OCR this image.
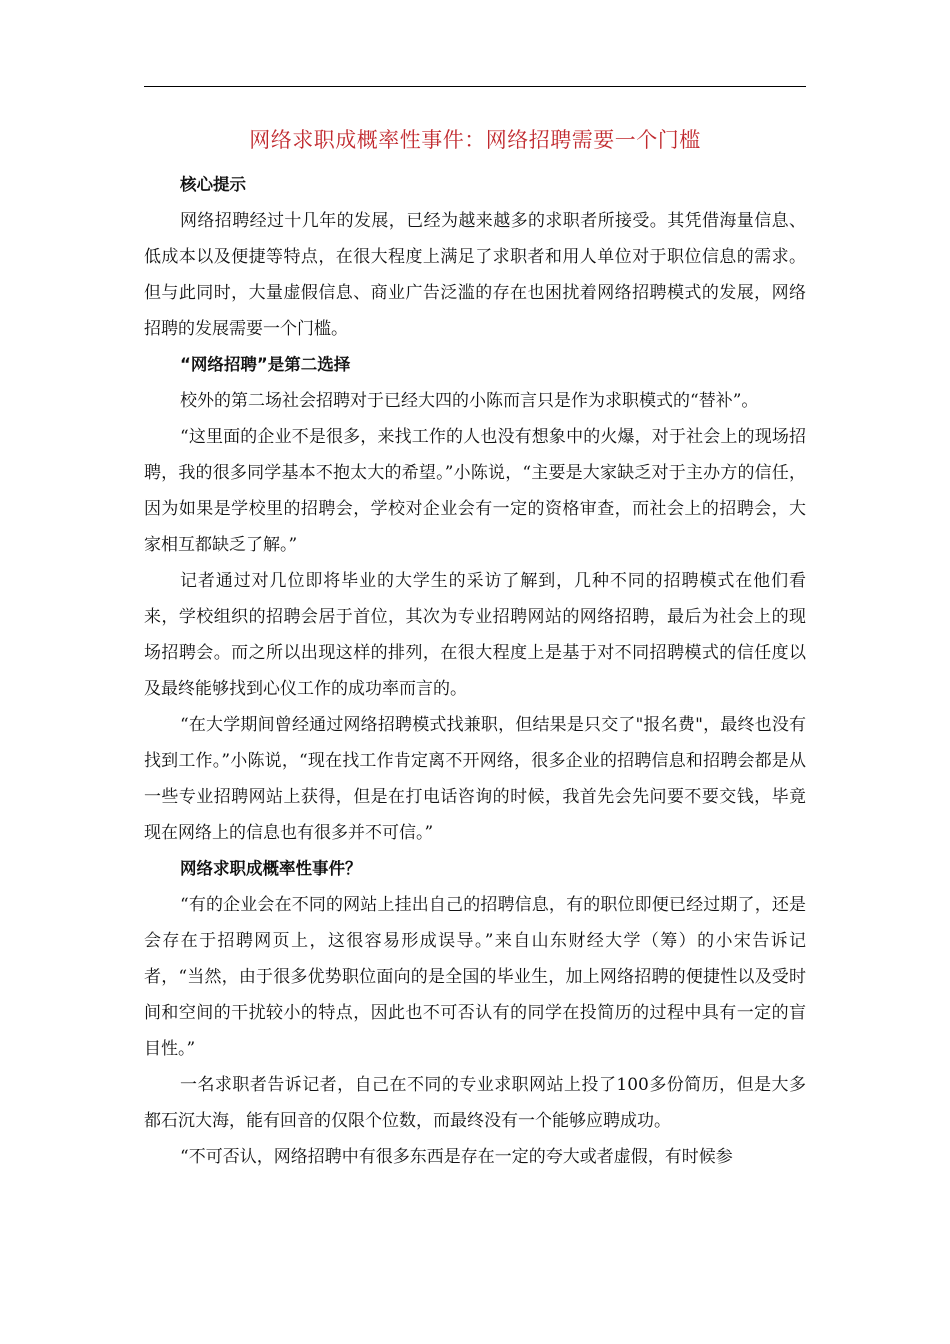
网络求职成概率性事件：网络招聘需要一个门槛

核心提示

网络招聘经过十几年的发展，已经为越来越多的求职者所接受。其凭借海量信息、低成本以及便捷等特点，在很大程度上满足了求职者和用人单位对于职位信息的需求。但与此同时，大量虚假信息、商业广告泛滥的存在也困扰着网络招聘模式的发展，网络招聘的发展需要一个门槛。

“网络招聘”是第二选择

校外的第二场社会招聘对于已经大四的小陈而言只是作为求职模式的“替补”。

“这里面的企业不是很多，来找工作的人也没有想象中的火爆，对于社会上的现场招聘，我的很多同学基本不抱太大的希望。”小陈说，“主要是大家缺乏对于主办方的信任，因为如果是学校里的招聘会，学校对企业会有一定的资格审查，而社会上的招聘会，大家相互都缺乏了解。”

记者通过对几位即将毕业的大学生的采访了解到，几种不同的招聘模式在他们看来，学校组织的招聘会居于首位，其次为专业招聘网站的网络招聘，最后为社会上的现场招聘会。而之所以出现这样的排列，在很大程度上是基于对不同招聘模式的信任度以及最终能够找到心仪工作的成功率而言的。

“在大学期间曾经通过网络招聘模式找兼职，但结果是只交了"报名费"，最终也没有找到工作。”小陈说，“现在找工作肯定离不开网络，很多企业的招聘信息和招聘会都是从一些专业招聘网站上获得，但是在打电话咨询的时候，我首先会先问要不要交钱，毕竟现在网络上的信息也有很多并不可信。”

网络求职成概率性事件？

“有的企业会在不同的网站上挂出自己的招聘信息，有的职位即便已经过期了，还是会存在于招聘网页上，这很容易形成误导。”来自山东财经大学（筹）的小宋告诉记者，“当然，由于很多优势职位面向的是全国的毕业生，加上网络招聘的便捷性以及受时间和空间的干扰较小的特点，因此也不可否认有的同学在投简历的过程中具有一定的盲目性。”

一名求职者告诉记者，自己在不同的专业求职网站上投了100多份简历，但是大多都石沉大海，能有回音的仅限个位数，而最终没有一个能够应聘成功。

“不可否认，网络招聘中有很多东西是存在一定的夸大或者虚假，有时候参
